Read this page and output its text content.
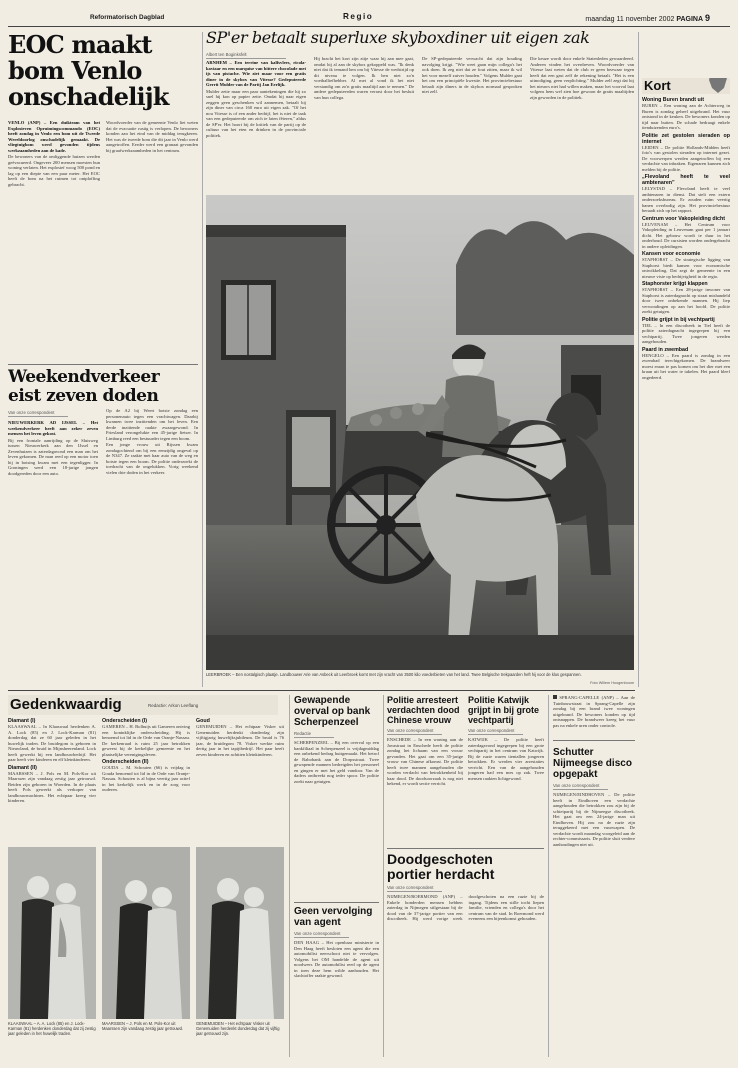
Reformatorisch Dagblad	Regio	maandag 11 november 2002 PAGINA 9
EOC maakt bom Venlo onschadelijk

VENLO (ANP) – Een duikteam van het Explosieven Opruimingscommando (EOC) heeft zondag in Venlo een bom uit de Tweede Wereldoorlog onschadelijk gemaakt. De vliegtuigbom werd gevonden tijdens werkzaamheden aan de kade.

De bewoners van de omliggende huizen werden geëvacueerd. Ongeveer 200 mensen moesten hun woning verlaten. Het explosief woog 500 pond en lag op een diepte van een paar meter. Het EOC heeft de bom na het ruimen tot ontploffing gebracht.

Woordvoerder van de gemeente Venlo liet weten dat de evacuatie rustig is verlopen. De bewoners konden aan het eind van de middag terugkeren. Het was de tweede bom die dit jaar in Venlo werd aangetroffen. Eerder werd een granaat gevonden bij graafwerkzaamheden in het centrum.

Weekendverkeer eist zeven doden
Van onze correspondent

NIEUWERKERK AD IJSSEL – Het weekendverkeer heeft aan zeker zeven mensen het leven gekost.

Bij een frontale aanrijding op de Sluisweg tussen Nieuwerkerk aan den IJssel en Zevenhuizen is zaterdagavond een man om het leven gekomen. De man reed op een motor toen hij in botsing kwam met een tegenligger. In Groningen werd een 18-jarige jongen doodgereden door een auto.

Op de A2 bij Weert botste zondag een personenauto tegen een vrachtwagen. Daarbij kwamen twee inzittenden om het leven. Een derde inzittende raakte zwaargewond. In Friesland verongelukte een 45-jarige fietser. In Limburg reed een bestuurder tegen een boom.

Een jonge vrouw uit Rijssen kwam zondagochtend om bij een eenzijdig ongeval op de N347. Ze raakte met haar auto van de weg en botste tegen een boom. De politie onderzoekt de toedracht van de ongelukken. Vorig weekend vielen drie doden in het verkeer.

SP'er betaalt superluxe skyboxdiner uit eigen zak
Albert ten Boginksfelt

ARNHEM – Een terrine van kalfsvlees, ricola-kaviaar en een marquise van bittere chocolade met ijs van pistache. Wie ziet maar voor een gratis diner in de skybox van Vitesse? Gedeputeerde Gerrit Mulder van de Partij Jan Eerlijk.

Mulder zette maar een paar aantekeningen die hij zo snel hij kon op papier zette. Omdat hij naar eigen zeggen geen geschenken wil aannemen, betaalt hij zijn diner van circa 160 euro uit eigen zak. "Of het nou Vitesse is of een ander bedrijf, het is niet de taak van een gedeputeerde om zich te laten fêteren," aldus de SP'er. Het hoort bij de kritiek van de partij op de cultuur van het eten en drinken in de provinciale politiek.

Hij bracht het kort zijn zitje waar hij aan mee gaat, omdat hij al aan de skybox gekoppeld was. "Ik denk niet dat ik iemand ben om bij Vitesse de wedstrijd op dit niveau te volgen. Ik ben niet zo'n voetballiefhebber. Al met al vond ik het niet verstandig om zo'n gratis maaltijd aan te nemen." De andere gedeputeerden waren verrast door het besluit van hun collega.

De SP-gedeputeerde verwacht dat zijn houding navolging krijgt. "Wie weet gaan mijn collega's het ook doen. Ik zeg niet dat ze fout zitten, maar ik wil het voor mezelf zuiver houden." Volgens Mulder gaat het om een principiële kwestie. Het provinciebestuur betaalt zijn diners in de skybox normaal gesproken niet zelf.

Die keuze wordt door enkele Statenleden gewaardeerd. Anderen vinden het overdreven. Woordvoerder van Vitesse laat weten dat de club er geen bezwaar tegen heeft dat een gast zelf de rekening betaalt. "Het is een uitnodiging, geen verplichting." Mulder zelf zegt dat hij het nieuws niet had willen maken, maar het voorval laat volgens hem wel zien hoe gewoon de gratis maaltijden zijn geworden in de politiek.

LEERBROEK – Een nostalgisch plaatje. Landbouwer Arie van Asbeck uit Leerbroek komt met zijn vracht van 3500 kilo voederbieten van het land. Twee Belgische trekpaarden heft hij voor de klus gespannen.
Foto Willem Hoogenboom
Kort
Woning Buren brandt uit

BUREN – Een woning aan de Achterweg in Buren is zondag geheel uitgebrand. Het vuur ontstond in de keuken. De bewoners konden op tijd naar buiten. De schade bedraagt enkele tienduizenden euro's.

Politie zet gestolen sieraden op internet

LEIDEN – De politie Hollands-Midden heeft foto's van gestolen sieraden op internet gezet. De voorwerpen werden aangetroffen bij een verdachte van inbraken. Eigenaren kunnen zich melden bij de politie.

„Flevoland heeft te veel ambtenaren”

LELYSTAD – Flevoland heeft te veel ambtenaren in dienst. Dat stelt een extern onderzoeksbureau. Er zouden ruim veertig banen overbodig zijn. Het provinciebestuur beraadt zich op het rapport.

Centrum voor Vakopleiding dicht

LEUVENAM – Het Centrum voor Vakopleiding in Leuvenam gaat per 1 januari dicht. Het gebouw wordt te duur in het onderhoud. De cursisten worden ondergebracht in andere opleidingen.

Kansen voor economie

STAPHORST – De strategische ligging van Staphorst biedt kansen voor economische ontwikkeling. Dat zegt de gemeente in een nieuwe visie op bedrijvigheid in de regio.

Staphorster krijgt klappen

STAPHORST – Een 28-jarige inwoner van Staphorst is zaterdagnacht op straat mishandeld door twee onbekende mannen. Hij liep verwondingen op aan het hoofd. De politie zoekt getuigen.

Politie grijpt in bij vechtpartij

TIEL – In een discotheek in Tiel heeft de politie zaterdagnacht ingegrepen bij een vechtpartij. Twee jongeren werden aangehouden.

Paard in zwembad

HENGELO – Een paard is zondag in een zwembad terechtgekomen. De brandweer moest eraan te pas komen om het dier met een kraan uit het water te takelen. Het paard bleef ongedeerd.

Gedenkwaardig	Redactie: Arkon Leeflang
Diamant (I)

KLAASWAAL – In Klaaswaal herdenken A. A. Lock (85) en J. Lock-Karman (81) donderdag dat ze 60 jaar geleden in het huwelijk traden. De bruidegom is geboren in Nieuwland, de bruid in Mijnsheerenland. Lock heeft gewerkt bij een landbouwbedrijf. Het paar heeft vier kinderen en elf kleinkinderen.

Diamant (II)

MAARSSEN – J. Pols en M. Pols-Kor uit Maarssen zijn vandaag zestig jaar getrouwd. Beiden zijn geboren in Woerden. In de plaats heeft Pols gewerkt als verkoper van landbouwmachines. Het echtpaar kreeg vier kinderen.

Onderscheiden (I)

GAMEREN – H. Bolhuijs uit Gameren ontving een koninklijke onderscheiding. Hij is benoemd tot lid in de Orde van Oranje-Nassau. De kerkenraad is ruim 25 jaar betrokken geweest bij de kerkelijke gemeente en het plaatselijke verenigingsleven.

Onderscheiden (II)

GOUDA – M. Schouten (66) is vrijdag in Gouda benoemd tot lid in de Orde van Oranje-Nassau. Schouten is al bijna veertig jaar actief in het kerkelijk werk en in de zorg voor ouderen.

Goud

GENEMUIDEN – Het echtpaar Visker uit Genemuiden herdenkt donderdag zijn vijftigjarig huwelijksjubileum. De bruid is 76 jaar, de bruidegom 78. Visker werkte ruim dertig jaar in het tapijtbedrijf. Het paar heeft zeven kinderen en achttien kleinkinderen.

KLAASWAAL – A. A. Lock (85) en J. Lock-Karman (81) herdenken donderdag dat zij zestig jaar geleden in het huwelijk traden.
MAARSSEN – J. Pols en M. Pols-Kor uit Maarssen zijn vandaag zestig jaar getrouwd.
GENEMUIDEN – Het echtpaar Visker uit Genemuiden herdenkt donderdag dat zij vijftig jaar getrouwd zijn.
Gewapende overval op bank Scherpenzeel
Redactie
SCHERPENZEEL – Bij een overval op een bankfiliaal in Scherpenzeel is vrijdagmiddag een onbekend bedrag buitgemaakt. Het betrof de Rabobank aan de Dorpsstraat. Twee gewapende mannen bedreigden het personeel en gingen er met het geld vandoor. Van de daders ontbreekt nog ieder spoor. De politie zoekt naar getuigen.
Geen vervolging van agent
Van onze correspondent
DEN HAAG – Het openbaar ministerie in Den Haag heeft besloten een agent die een automobilist neerschoot niet te vervolgen. Volgens het OM handelde de agent uit noodweer. De automobilist reed op de agent in toen deze hem wilde aanhouden. Het slachtoffer raakte gewond.
Politie arresteert verdachten dood Chinese vrouw
Van onze correspondent
ENSCHEDE – In een woning aan de Javastraat in Enschede heeft de politie zondag het lichaam van een vrouw gevonden. Het gaat om een 35-jarige vrouw van Chinese afkomst. De politie heeft twee mannen aangehouden die worden verdacht van betrokkenheid bij haar dood. De doodsoorzaak is nog niet bekend, er wordt sectie verricht.
Politie Katwijk grijpt in bij grote vechtpartij
Van onze correspondent
KATWIJK – De politie heeft zaterdagavond ingegrepen bij een grote vechtpartij in het centrum van Katwijk. Bij de ruzie waren tientallen jongeren betrokken. Er werden vier arrestaties verricht. Een van de aangehouden jongeren had een mes op zak. Twee mensen raakten lichtgewond.
Doodgeschoten portier herdacht
Van onze correspondent
NIJMEGEN/ROERMOND (ANP) – Enkele honderden mensen hebben zaterdag in Nijmegen stilgestaan bij de dood van de 37-jarige portier van een discotheek. Hij werd vorige week doodgeschoten na een ruzie bij de ingang. Tijdens een stille tocht liepen familie, vrienden en collega's door het centrum van de stad. In Roermond werd eveneens een bijeenkomst gehouden.
SPRANG-CAPELLE (ANP) – Aan de Tuinbouwstraat in Sprang-Capelle zijn zondag bij een brand twee woningen uitgebrand. De bewoners konden op tijd ontsnappen. De brandweer kreeg het vuur pas na enkele uren onder controle.
Schutter Nijmeegse disco opgepakt
Van onze correspondent
NIJMEGEN/EINDHOVEN – De politie heeft in Eindhoven een verdachte aangehouden die betrokken zou zijn bij de schietpartij bij de Nijmeegse discotheek. Het gaat om een 24-jarige man uit Eindhoven. Hij zou na de ruzie zijn teruggekeerd met een vuurwapen. De verdachte wordt maandag voorgeleid aan de rechter-commissaris. De politie sluit verdere aanhoudingen niet uit.
